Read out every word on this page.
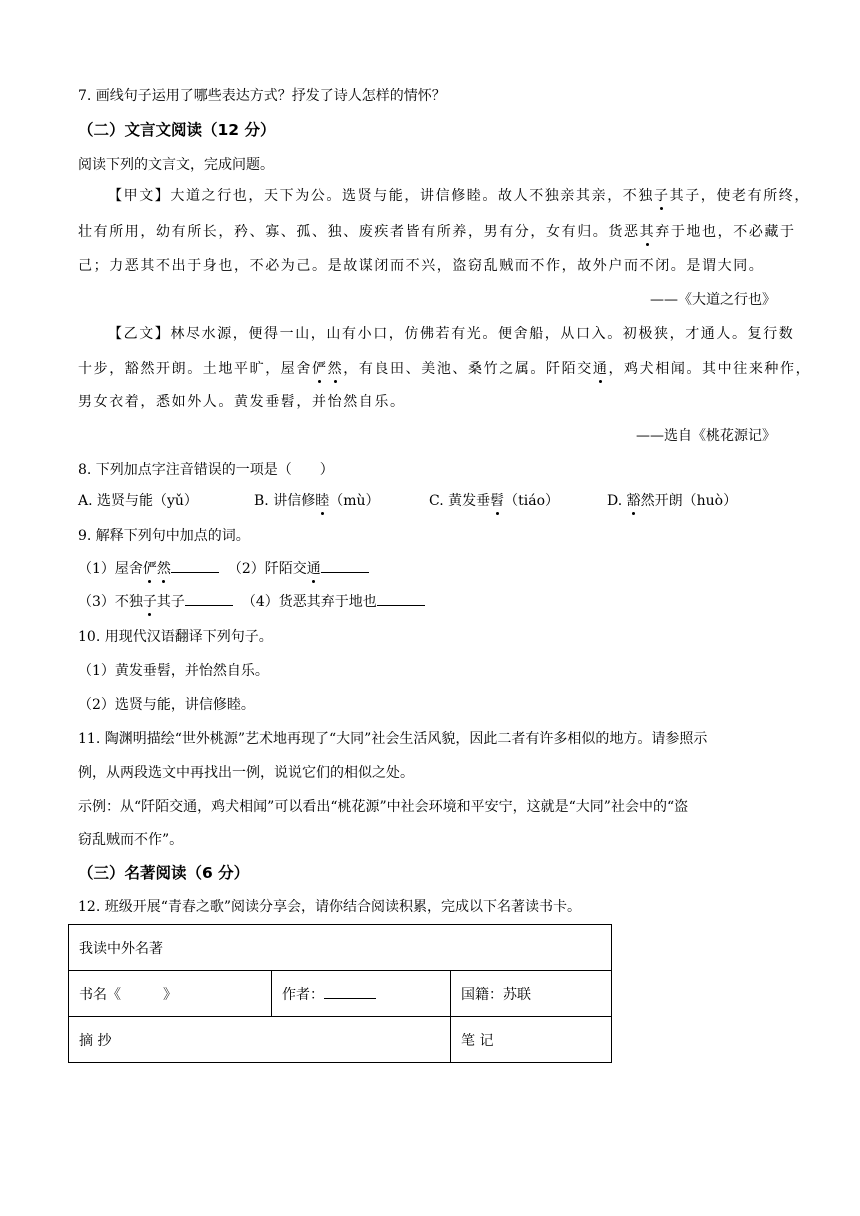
7. 画线句子运用了哪些表达方式？抒发了诗人怎样的情怀？
（二）文言文阅读（12 分）
阅读下列的文言文，完成问题。
【甲文】大道之行也，天下为公。选贤与能，讲信修睦。故人不独亲其亲，不独子其子，使老有所终，
壮有所用，幼有所长，矜、寡、孤、独、废疾者皆有所养，男有分，女有归。货恶其弃于地也，不必藏于
己；力恶其不出于身也，不必为己。是故谋闭而不兴，盗窃乱贼而不作，故外户而不闭。是谓大同。
——《大道之行也》
【乙文】林尽水源，便得一山，山有小口，仿佛若有光。便舍船，从口入。初极狭，才通人。复行数
十步，豁然开朗。土地平旷，屋舍俨然，有良田、美池、桑竹之属。阡陌交通，鸡犬相闻。其中往来种作，
男女衣着，悉如外人。黄发垂髫，并怡然自乐。
——选自《桃花源记》
8. 下列加点字注音错误的一项是（　　）
A. 选贤与能（yǔ）	B. 讲信修睦（mù）	C. 黄发垂髫（tiáo）	D. 豁然开朗（huò）
9. 解释下列句中加点的词。
（1）屋舍俨然	（2）阡陌交通
（3）不独子其子	（4）货恶其弃于地也
10. 用现代汉语翻译下列句子。
（1）黄发垂髫，并怡然自乐。
（2）选贤与能，讲信修睦。
11. 陶渊明描绘“世外桃源”艺术地再现了“大同”社会生活风貌，因此二者有许多相似的地方。请参照示
例，从两段选文中再找出一例，说说它们的相似之处。
示例：从“阡陌交通，鸡犬相闻”可以看出“桃花源”中社会环境和平安宁，这就是“大同”社会中的“盗
窃乱贼而不作”。
（三）名著阅读（6 分）
12. 班级开展“青春之歌”阅读分享会，请你结合阅读积累，完成以下名著读书卡。
我读中外名著		
书名《　　　》	作者：	国籍：苏联
摘 抄		笔 记
